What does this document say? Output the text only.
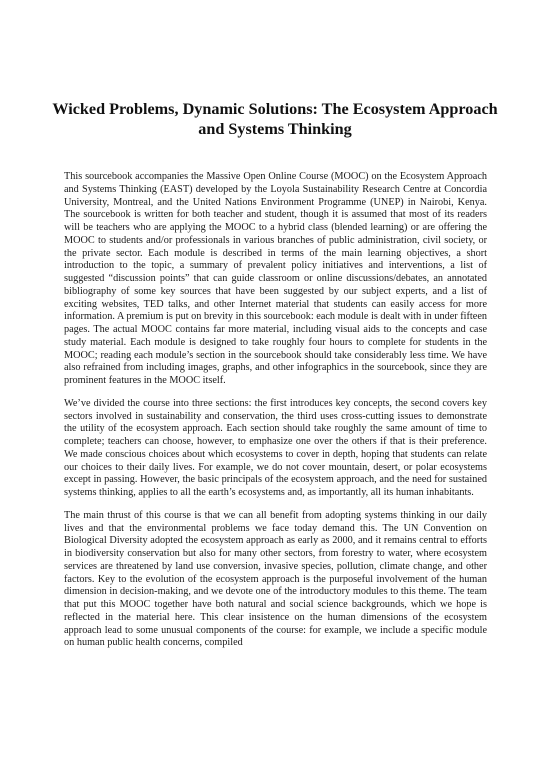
Wicked Problems, Dynamic Solutions: The Ecosystem Approach and Systems Thinking

This sourcebook accompanies the Massive Open Online Course (MOOC) on the Ecosystem Approach and Systems Thinking (EAST) developed by the Loyola Sustainability Research Centre at Concordia University, Montreal, and the United Nations Environment Programme (UNEP) in Nairobi, Kenya. The sourcebook is written for both teacher and student, though it is assumed that most of its readers will be teachers who are applying the MOOC to a hybrid class (blended learning) or are offering the MOOC to students and/or professionals in various branches of public administration, civil society, or the private sector. Each module is described in terms of the main learning objectives, a short introduction to the topic, a summary of prevalent policy initiatives and interventions, a list of suggested “discussion points” that can guide classroom or online discussions/debates, an annotated bibliography of some key sources that have been suggested by our subject experts, and a list of exciting websites, TED talks, and other Internet material that students can easily access for more information. A premium is put on brevity in this sourcebook: each module is dealt with in under fifteen pages. The actual MOOC contains far more material, including visual aids to the concepts and case study material. Each module is designed to take roughly four hours to complete for students in the MOOC; reading each module’s section in the sourcebook should take considerably less time. We have also refrained from including images, graphs, and other infographics in the sourcebook, since they are prominent features in the MOOC itself.

We’ve divided the course into three sections: the first introduces key concepts, the second covers key sectors involved in sustainability and conservation, the third uses cross-cutting issues to demonstrate the utility of the ecosystem approach. Each section should take roughly the same amount of time to complete; teachers can choose, however, to emphasize one over the others if that is their preference. We made conscious choices about which ecosystems to cover in depth, hoping that students can relate our choices to their daily lives. For example, we do not cover mountain, desert, or polar ecosystems except in passing. However, the basic principals of the ecosystem approach, and the need for sustained systems thinking, applies to all the earth’s ecosystems and, as importantly, all its human inhabitants.

The main thrust of this course is that we can all benefit from adopting systems thinking in our daily lives and that the environmental problems we face today demand this. The UN Convention on Biological Diversity adopted the ecosystem approach as early as 2000, and it remains central to efforts in biodiversity conservation but also for many other sectors, from forestry to water, where ecosystem services are threatened by land use conversion, invasive species, pollution, climate change, and other factors. Key to the evolution of the ecosystem approach is the purposeful involvement of the human dimension in decision-making, and we devote one of the introductory modules to this theme. The team that put this MOOC together have both natural and social science backgrounds, which we hope is reflected in the material here. This clear insistence on the human dimensions of the ecosystem approach lead to some unusual components of the course: for example, we include a specific module on human public health concerns, compiled
